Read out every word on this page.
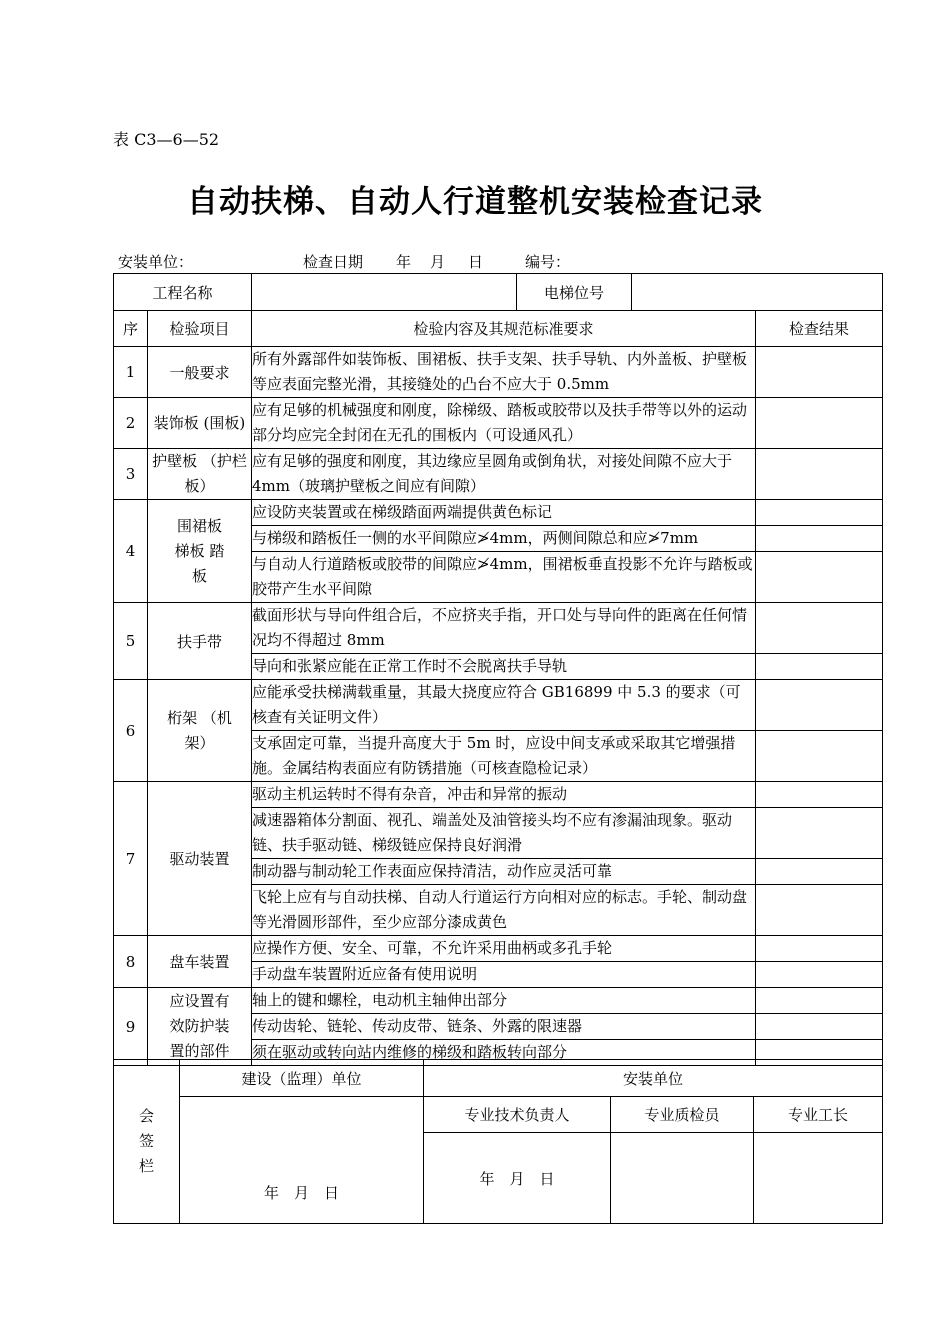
表 C3—6—52
自动扶梯、自动人行道整机安装检查记录
安装单位：	检查日期 年 月 日	编号：
工程名称			电梯位号		
序	检验项目	检验内容及其规范标准要求			检查结果
1	一般要求	所有外露部件如装饰板、围裙板、扶手支架、扶手导轨、内外盖板、护壁板等应表面完整光滑，其接缝处的凸台不应大于 0.5mm			
2	装饰板 (围板)	应有足够的机械强度和刚度，除梯级、踏板或胶带以及扶手带等以外的运动部分均应完全封闭在无孔的围板内（可设通风孔）			
3	护壁板 （护栏板）	应有足够的强度和刚度，其边缘应呈圆角或倒角状，对接处间隙不应大于 4mm（玻璃护壁板之间应有间隙）			
4	围裙板 梯板 踏板	应设防夹装置或在梯级踏面两端提供黄色标记			
		与梯级和踏板任一侧的水平间隙应≯4mm，两侧间隙总和应≯7mm			
		与自动人行道踏板或胶带的间隙应≯4mm，围裙板垂直投影不允许与踏板或胶带产生水平间隙			
5	扶手带	截面形状与导向件组合后，不应挤夹手指，开口处与导向件的距离在任何情况均不得超过 8mm			
		导向和张紧应能在正常工作时不会脱离扶手导轨			
6	桁架 （机架）	应能承受扶梯满载重量，其最大挠度应符合 GB16899 中 5.3 的要求（可核查有关证明文件）			
		支承固定可靠，当提升高度大于 5m 时，应设中间支承或采取其它增强措施。金属结构表面应有防锈措施（可核查隐检记录）			
7	驱动装置	驱动主机运转时不得有杂音，冲击和异常的振动			
		减速器箱体分割面、视孔、端盖处及油管接头均不应有渗漏油现象。驱动链、扶手驱动链、梯级链应保持良好润滑			
		制动器与制动轮工作表面应保持清洁，动作应灵活可靠			
		飞轮上应有与自动扶梯、自动人行道运行方向相对应的标志。手轮、制动盘等光滑圆形部件，至少应部分漆成黄色			
8	盘车装置	应操作方便、安全、可靠，不允许采用曲柄或多孔手轮			
		手动盘车装置附近应备有使用说明			
9	应设置有 效防护装 置的部件	轴上的键和螺栓，电动机主轴伸出部分			
		传动齿轮、链轮、传动皮带、链条、外露的限速器			
		须在驱动或转向站内维修的梯级和踏板转向部分			
会 签 栏	建设（监理）单位	安装单位		
	年　月　日	专业技术负责人	专业质检员	专业工长
		年　月　日		
